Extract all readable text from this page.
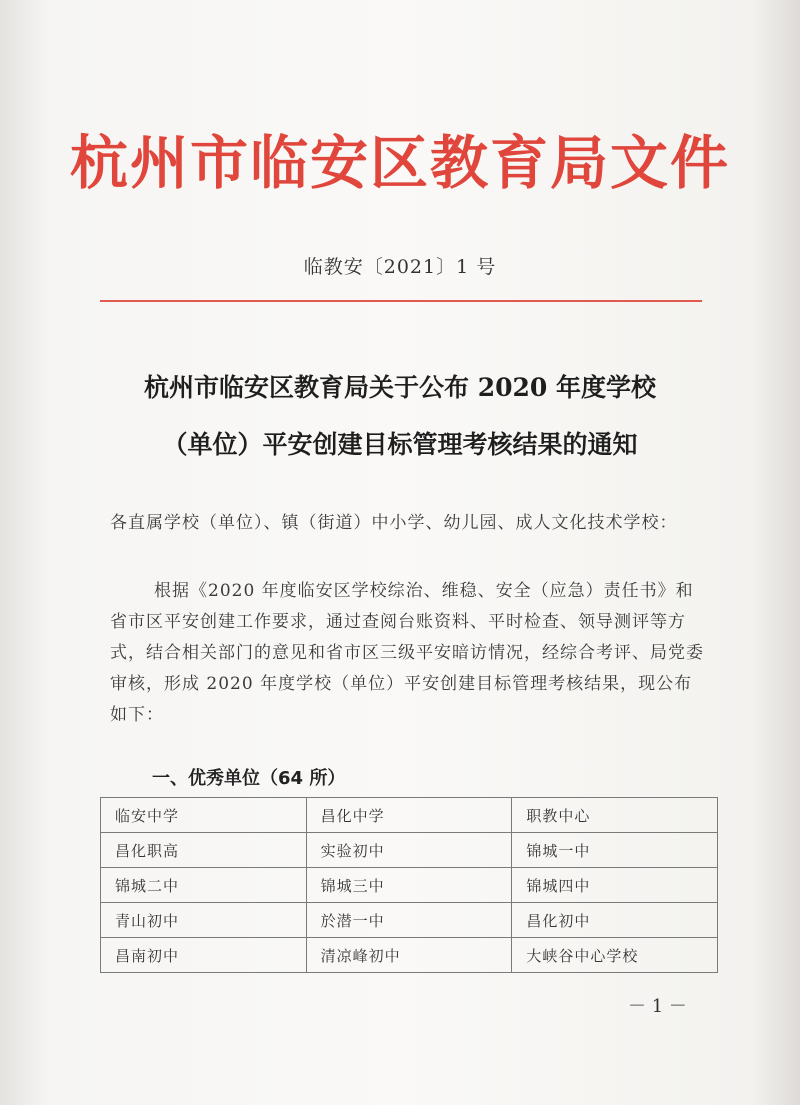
杭州市临安区教育局文件
临教安〔2021〕1 号
杭州市临安区教育局关于公布 2020 年度学校
（单位）平安创建目标管理考核结果的通知
各直属学校（单位）、镇（街道）中小学、幼儿园、成人文化技术学校：
根据《2020 年度临安区学校综治、维稳、安全（应急）责任书》和省市区平安创建工作要求，通过查阅台账资料、平时检查、领导测评等方式，结合相关部门的意见和省市区三级平安暗访情况，经综合考评、局党委审核，形成 2020 年度学校（单位）平安创建目标管理考核结果，现公布如下：
一、优秀单位（64 所）
临安中学	昌化中学	职教中心
昌化职高	实验初中	锦城一中
锦城二中	锦城三中	锦城四中
青山初中	於潜一中	昌化初中
昌南初中	清凉峰初中	大峡谷中心学校
－ 1 －
